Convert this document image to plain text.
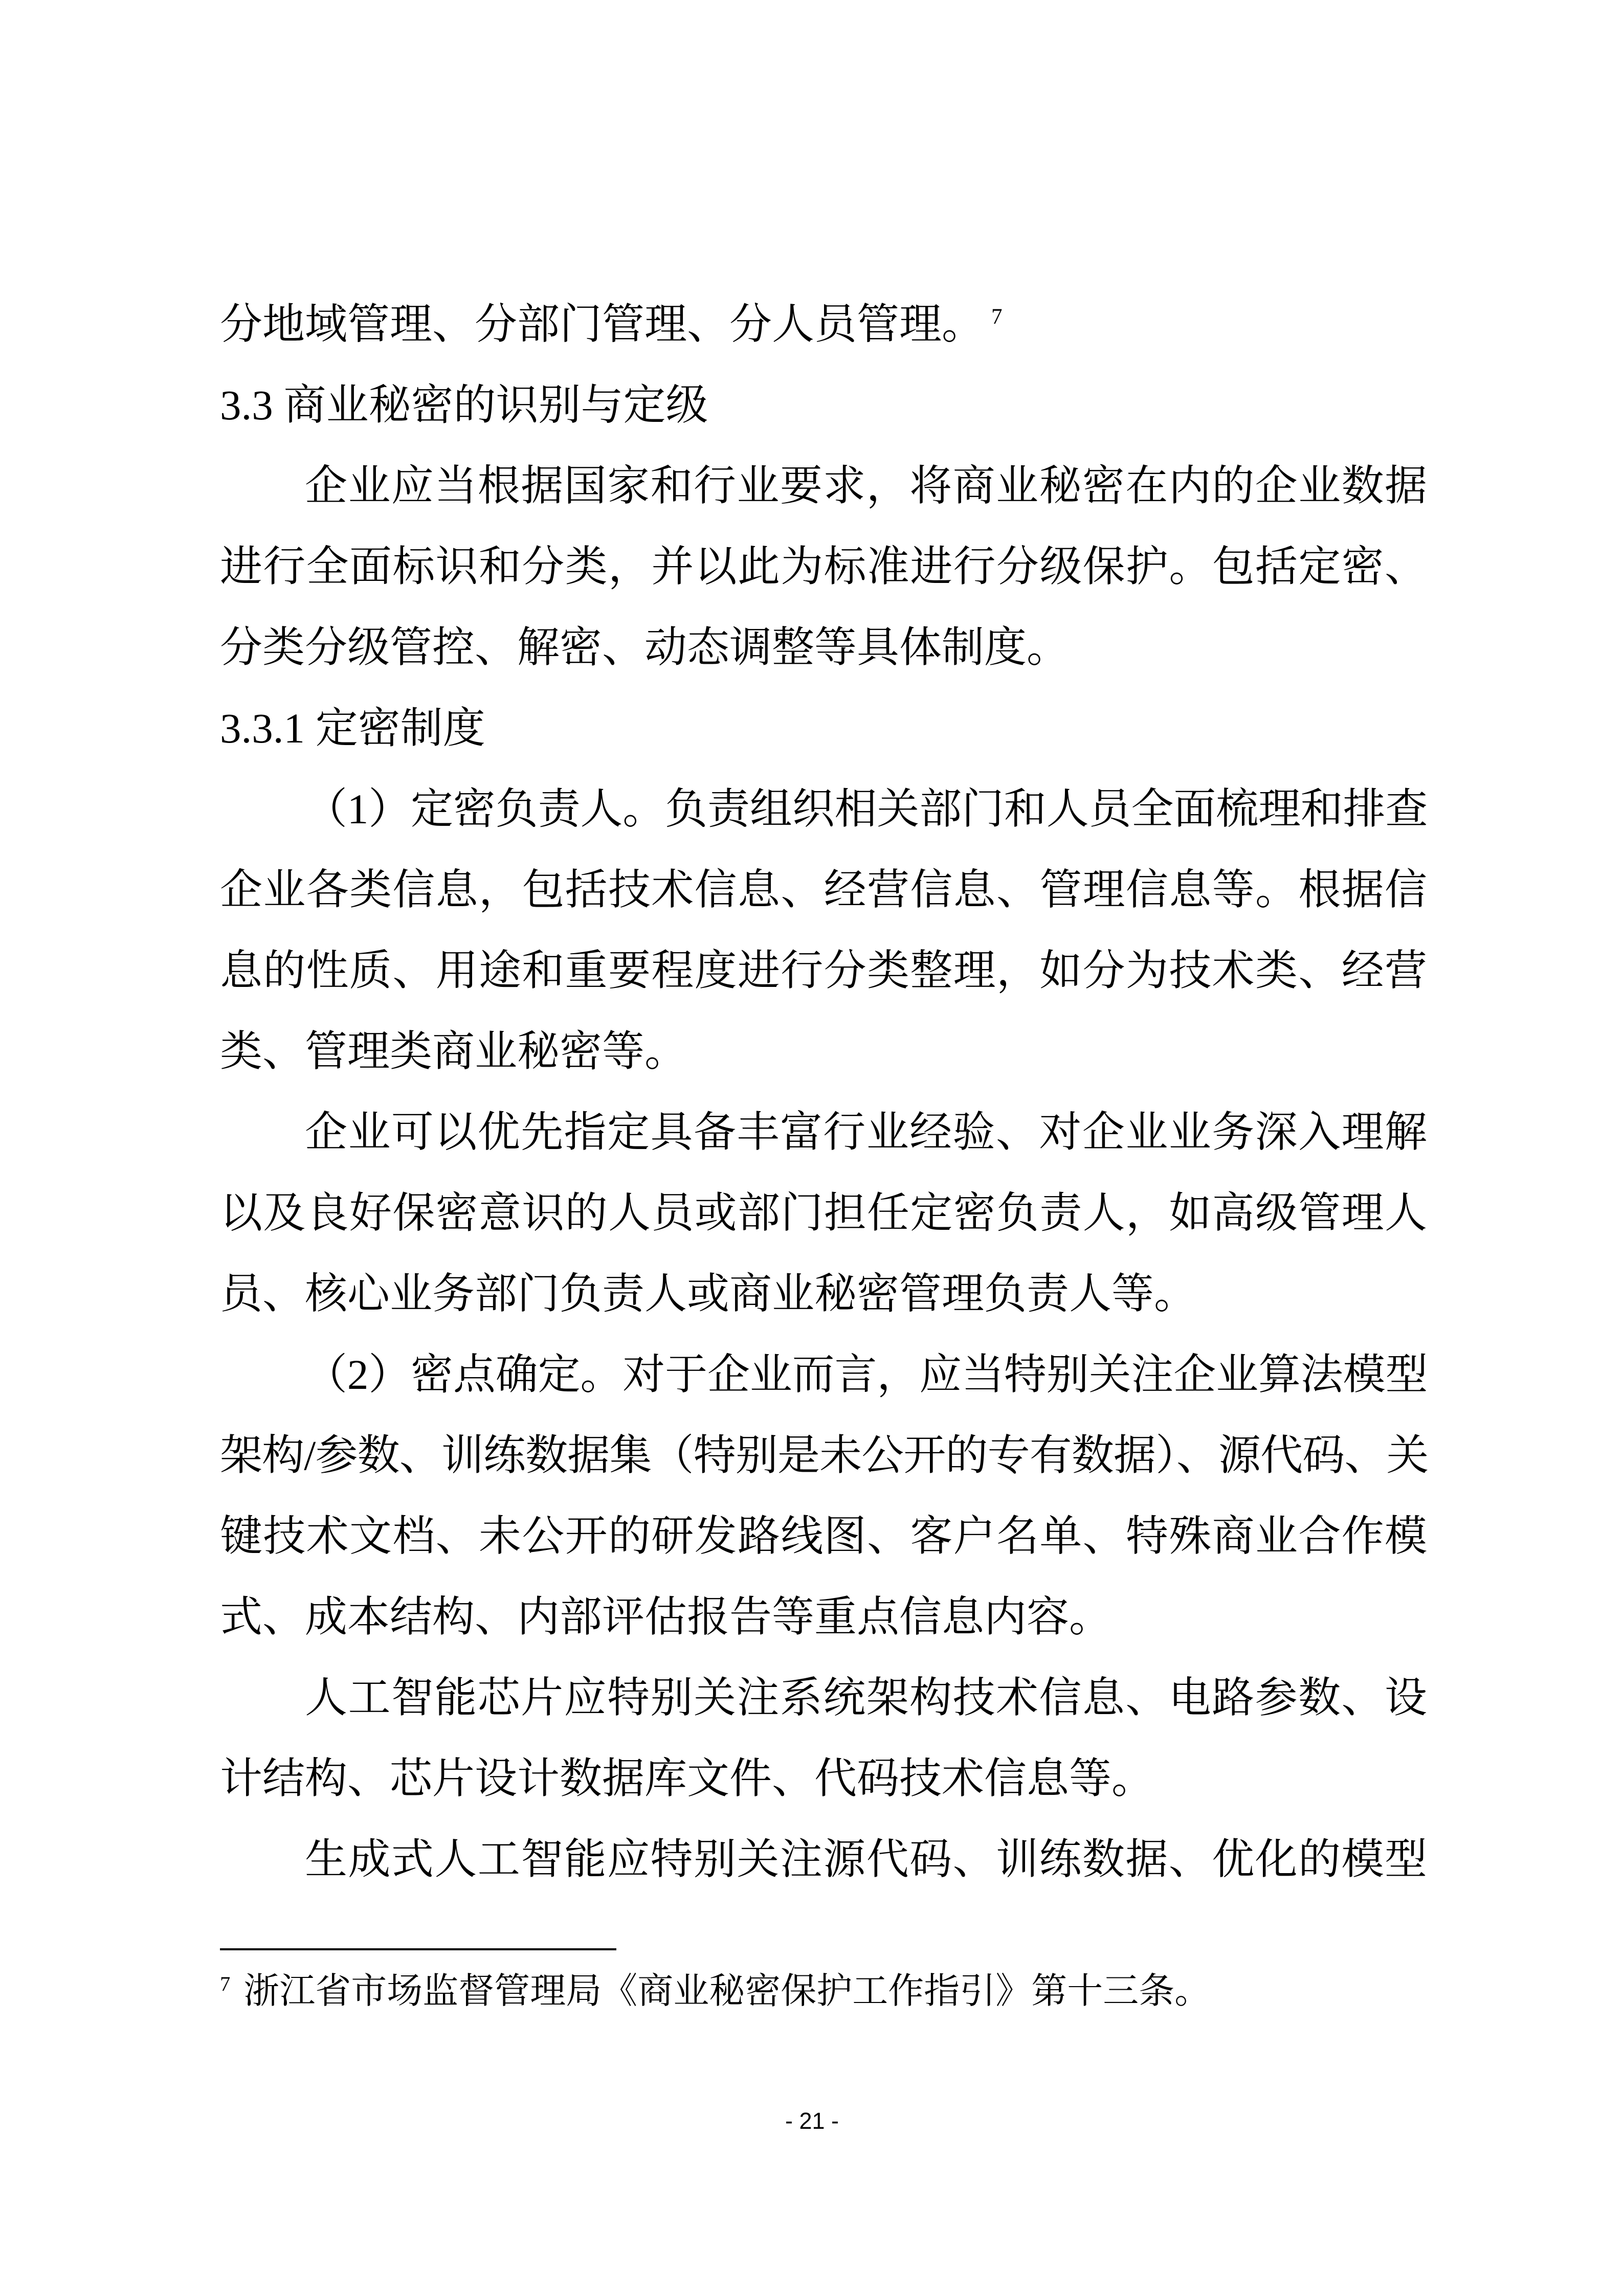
分地域管理、分部门管理、分人员管理。 $^7$
3.3 商业秘密的识别与定级
企业应当根据国家和行业要求，将商业秘密在内的企业数据
进行全面标识和分类，并以此为标准进行分级保护。包括定密、
分类分级管控、解密、动态调整等具体制度。
3.3.1 定密制度
（1）定密负责人。负责组织相关部门和人员全面梳理和排查
企业各类信息，包括技术信息、经营信息、管理信息等。根据信
息的性质、用途和重要程度进行分类整理，如分为技术类、经营
类、管理类商业秘密等。
企业可以优先指定具备丰富行业经验、对企业业务深入理解
以及良好保密意识的人员或部门担任定密负责人，如高级管理人
员、核心业务部门负责人或商业秘密管理负责人等。
（2）密点确定。对于企业而言，应当特别关注企业算法模型
架构/参数、训练数据集（特别是未公开的专有数据）、源代码、关
键技术文档、未公开的研发路线图、客户名单、特殊商业合作模
式、成本结构、内部评估报告等重点信息内容。
人工智能芯片应特别关注系统架构技术信息、电路参数、设
计结构、芯片设计数据库文件、代码技术信息等。
生成式人工智能应特别关注源代码、训练数据、优化的模型
$^7$ 浙江省市场监督管理局《商业秘密保护工作指引》第十三条。
- 21 -
